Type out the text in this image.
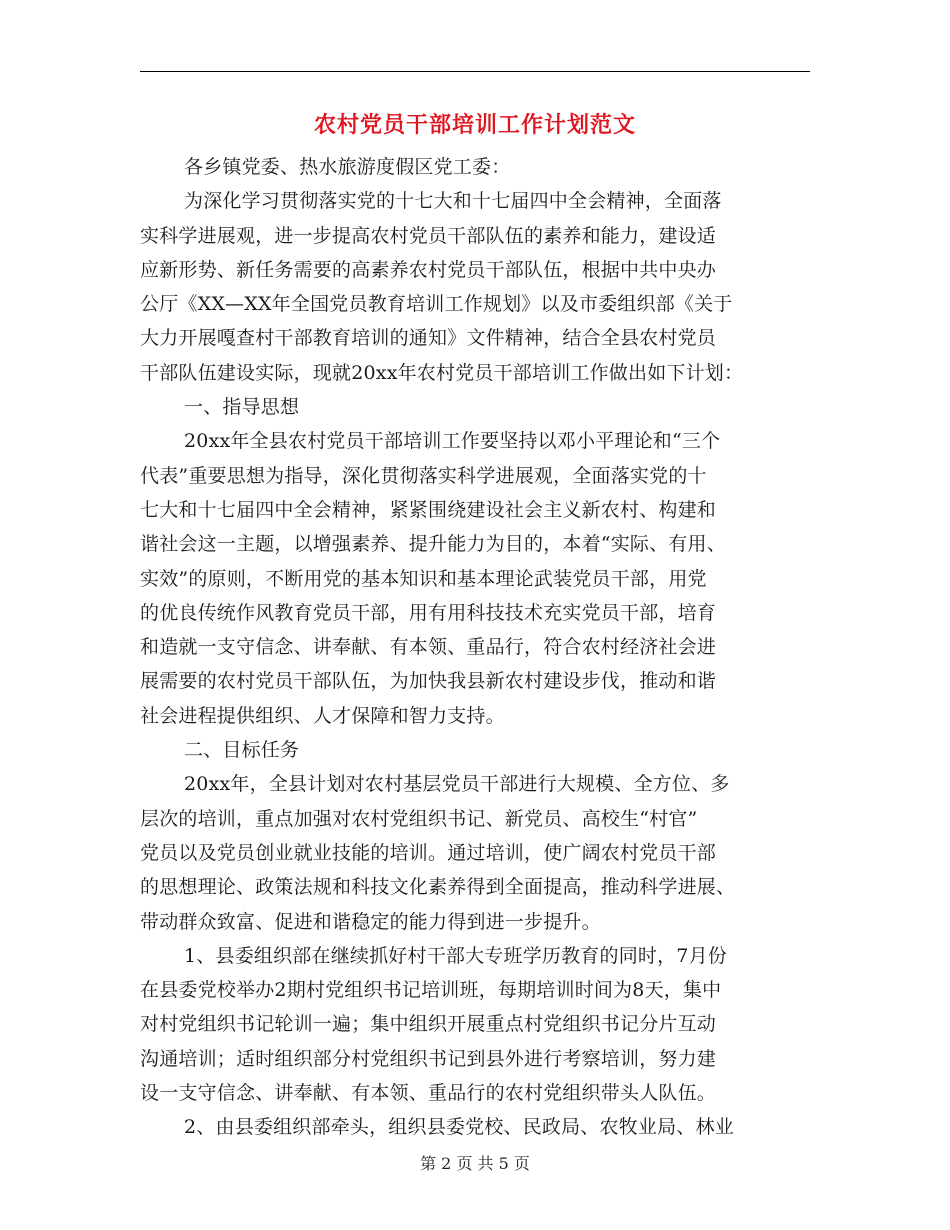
农村党员干部培训工作计划范文
各乡镇党委、热水旅游度假区党工委：
为深化学习贯彻落实党的十七大和十七届四中全会精神，全面落
实科学进展观，进一步提高农村党员干部队伍的素养和能力，建设适
应新形势、新任务需要的高素养农村党员干部队伍，根据中共中央办
公厅《XX—XX年全国党员教育培训工作规划》以及市委组织部《关于
大力开展嘎查村干部教育培训的通知》文件精神，结合全县农村党员
干部队伍建设实际，现就20xx年农村党员干部培训工作做出如下计划：
一、指导思想
20xx年全县农村党员干部培训工作要坚持以邓小平理论和“三个
代表”重要思想为指导，深化贯彻落实科学进展观，全面落实党的十
七大和十七届四中全会精神，紧紧围绕建设社会主义新农村、构建和
谐社会这一主题，以增强素养、提升能力为目的，本着“实际、有用、
实效”的原则，不断用党的基本知识和基本理论武装党员干部，用党
的优良传统作风教育党员干部，用有用科技技术充实党员干部，培育
和造就一支守信念、讲奉献、有本领、重品行，符合农村经济社会进
展需要的农村党员干部队伍，为加快我县新农村建设步伐，推动和谐
社会进程提供组织、人才保障和智力支持。
二、目标任务
20xx年，全县计划对农村基层党员干部进行大规模、全方位、多
层次的培训，重点加强对农村党组织书记、新党员、高校生“村官”
党员以及党员创业就业技能的培训。通过培训，使广阔农村党员干部
的思想理论、政策法规和科技文化素养得到全面提高，推动科学进展、
带动群众致富、促进和谐稳定的能力得到进一步提升。
1、县委组织部在继续抓好村干部大专班学历教育的同时，7月份
在县委党校举办2期村党组织书记培训班，每期培训时间为8天，集中
对村党组织书记轮训一遍；集中组织开展重点村党组织书记分片互动
沟通培训；适时组织部分村党组织书记到县外进行考察培训，努力建
设一支守信念、讲奉献、有本领、重品行的农村党组织带头人队伍。
2、由县委组织部牵头，组织县委党校、民政局、农牧业局、林业
第 2 页 共 5 页
